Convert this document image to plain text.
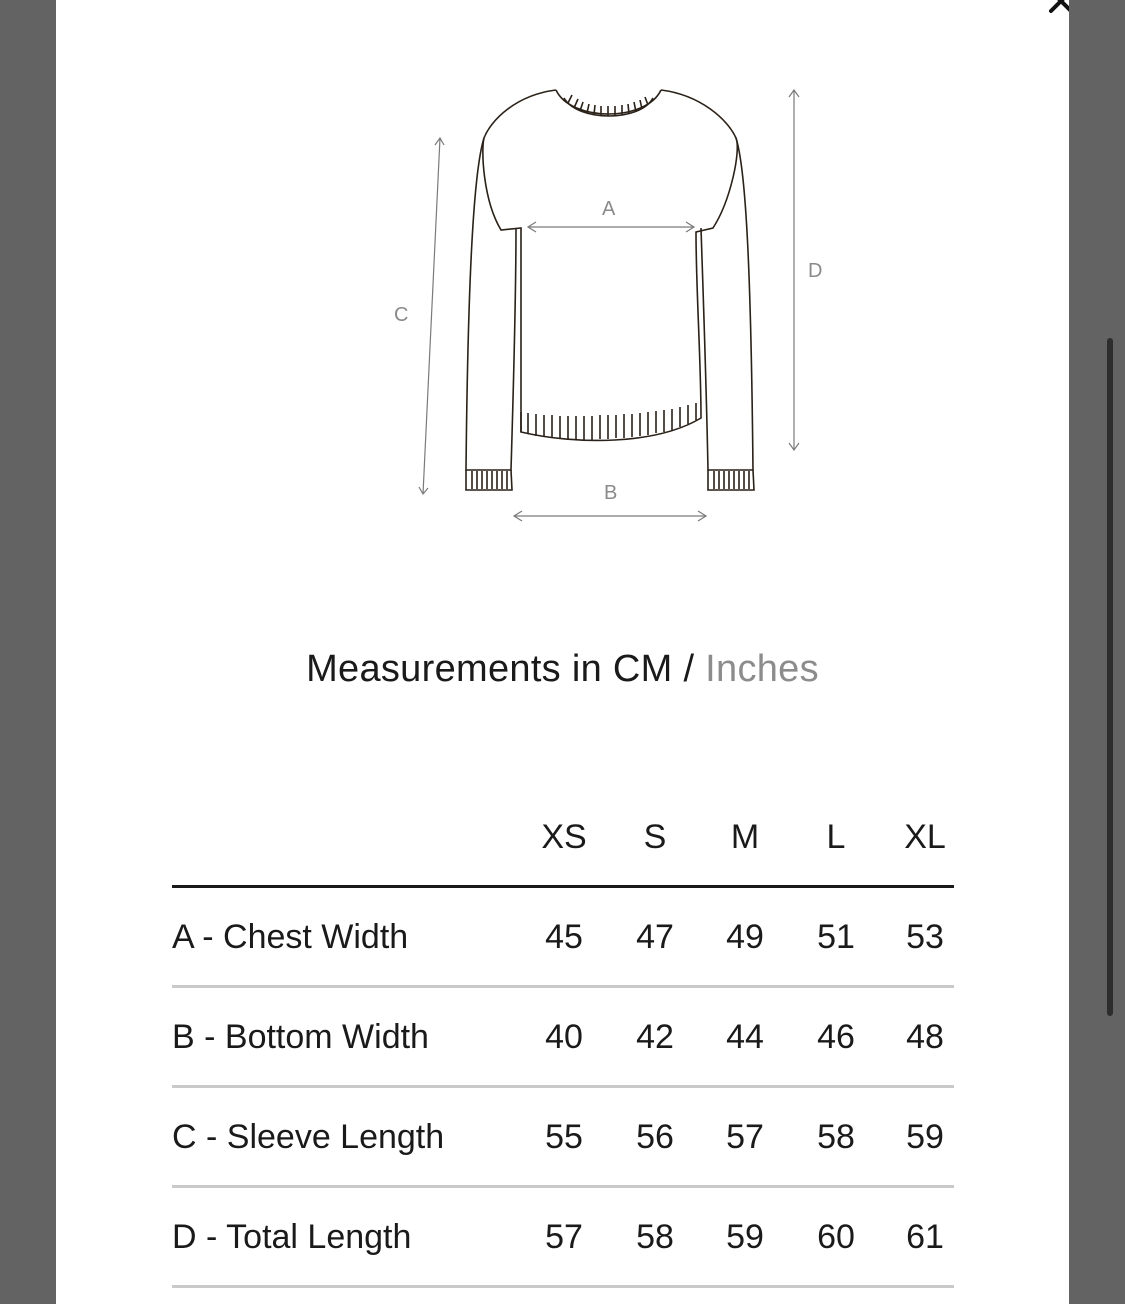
A
B
C
D
XS	S	M	L	XL
A - Chest Width	45	47	49	51	53
B - Bottom Width	40	42	44	46	48
C - Sleeve Length	55	56	57	58	59
D - Total Length	57	58	59	60	61
Measurements in CM / Inches
